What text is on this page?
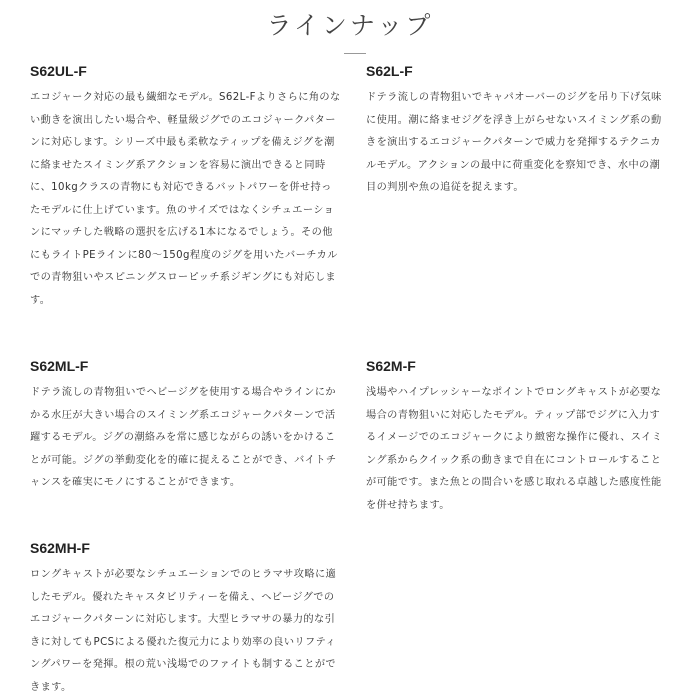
ラインナップ
S62UL-F

エコジャーク対応の最も繊細なモデル。S62L-Fよりさらに角のない動きを演出したい場合や、軽量級ジグでのエコジャークパターンに対応します。シリーズ中最も柔軟なティップを備えジグを潮に絡ませたスイミング系アクションを容易に演出できると同時に、10kgクラスの青物にも対応できるバットパワーを併せ持ったモデルに仕上げています。魚のサイズではなくシチュエーションにマッチした戦略の選択を広げる1本になるでしょう。その他にもライトPEラインに80〜150g程度のジグを用いたバーチカルでの青物狙いやスピニングスローピッチ系ジギングにも対応します。

S62L-F

ドテラ流しの青物狙いでキャパオーバーのジグを吊り下げ気味に使用。潮に絡ませジグを浮き上がらせないスイミング系の動きを演出するエコジャークパターンで威力を発揮するテクニカルモデル。アクションの最中に荷重変化を察知でき、水中の潮目の判別や魚の追従を捉えます。

S62ML-F

ドテラ流しの青物狙いでヘビージグを使用する場合やラインにかかる水圧が大きい場合のスイミング系エコジャークパターンで活躍するモデル。ジグの潮絡みを常に感じながらの誘いをかけることが可能。ジグの挙動変化を的確に捉えることができ、バイトチャンスを確実にモノにすることができます。

S62M-F

浅場やハイプレッシャーなポイントでロングキャストが必要な場合の青物狙いに対応したモデル。ティップ部でジグに入力するイメージでのエコジャークにより緻密な操作に優れ、スイミング系からクイック系の動きまで自在にコントロールすることが可能です。また魚との間合いを感じ取れる卓越した感度性能を併せ持ちます。

S62MH-F

ロングキャストが必要なシチュエーションでのヒラマサ攻略に適したモデル。優れたキャスタビリティーを備え、ヘビージグでのエコジャークパターンに対応します。大型ヒラマサの暴力的な引きに対してもPCSによる優れた復元力により効率の良いリフティングパワーを発揮。根の荒い浅場でのファイトも制することができます。
